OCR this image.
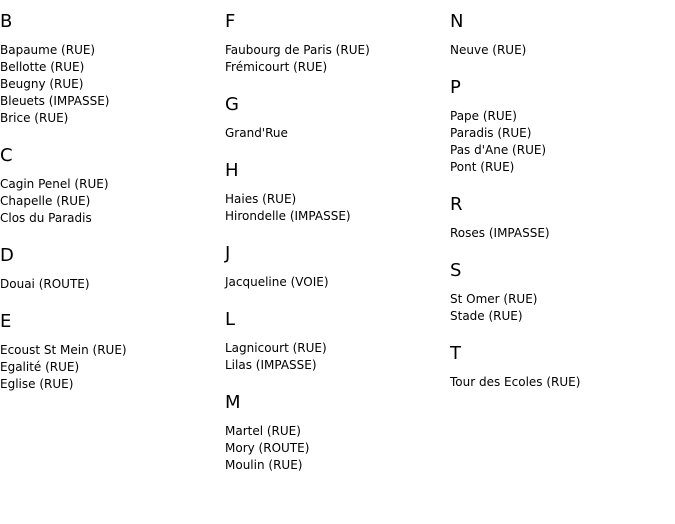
B
Bapaume (RUE)
Bellotte (RUE)
Beugny (RUE)
Bleuets (IMPASSE)
Brice (RUE)
C
Cagin Penel (RUE)
Chapelle (RUE)
Clos du Paradis
D
Douai (ROUTE)
E
Ecoust St Mein (RUE)
Egalité (RUE)
Eglise (RUE)
F
Faubourg de Paris (RUE)
Frémicourt (RUE)
G
Grand'Rue
H
Haies (RUE)
Hirondelle (IMPASSE)
J
Jacqueline (VOIE)
L
Lagnicourt (RUE)
Lilas (IMPASSE)
M
Martel (RUE)
Mory (ROUTE)
Moulin (RUE)
N
Neuve (RUE)
P
Pape (RUE)
Paradis (RUE)
Pas d'Ane (RUE)
Pont (RUE)
R
Roses (IMPASSE)
S
St Omer (RUE)
Stade (RUE)
T
Tour des Ecoles (RUE)
